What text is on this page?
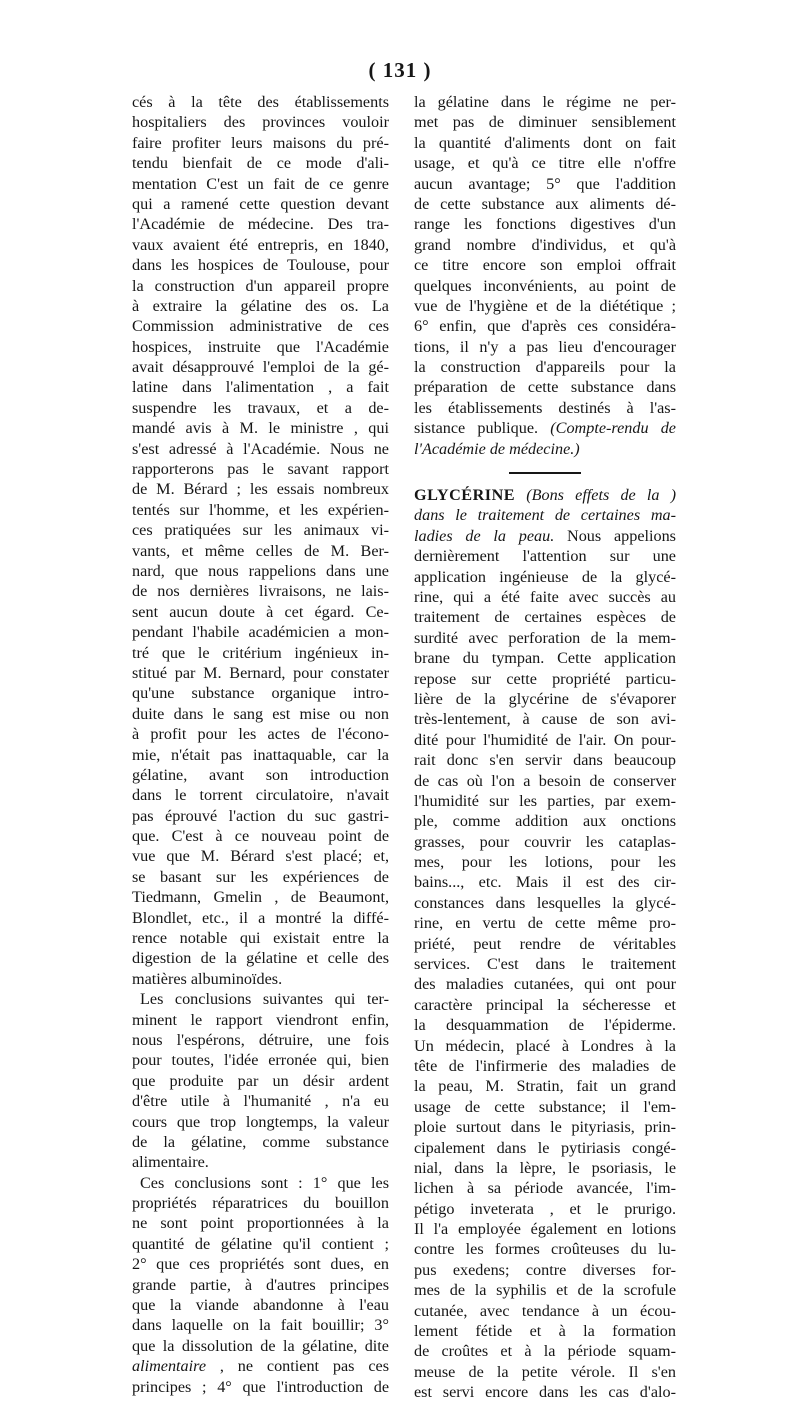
( 131 )
cés à la tête des établissements
hospitaliers des provinces vouloir
faire profiter leurs maisons du pré-
tendu bienfait de ce mode d'ali-
mentation C'est un fait de ce genre
qui a ramené cette question devant
l'Académie de médecine. Des tra-
vaux avaient été entrepris, en 1840,
dans les hospices de Toulouse, pour
la construction d'un appareil propre
à extraire la gélatine des os. La
Commission administrative de ces
hospices, instruite que l'Académie
avait désapprouvé l'emploi de la gé-
latine dans l'alimentation , a fait
suspendre les travaux, et a de-
mandé avis à M. le ministre , qui
s'est adressé à l'Académie. Nous ne
rapporterons pas le savant rapport
de M. Bérard ; les essais nombreux
tentés sur l'homme, et les expérien-
ces pratiquées sur les animaux vi-
vants, et même celles de M. Ber-
nard, que nous rappelions dans une
de nos dernières livraisons, ne lais-
sent aucun doute à cet égard. Ce-
pendant l'habile académicien a mon-
tré que le critérium ingénieux in-
stitué par M. Bernard, pour constater
qu'une substance organique intro-
duite dans le sang est mise ou non
à profit pour les actes de l'écono-
mie, n'était pas inattaquable, car la
gélatine, avant son introduction
dans le torrent circulatoire, n'avait
pas éprouvé l'action du suc gastri-
que. C'est à ce nouveau point de
vue que M. Bérard s'est placé; et,
se basant sur les expériences de
Tiedmann, Gmelin , de Beaumont,
Blondlet, etc., il a montré la diffé-
rence notable qui existait entre la
digestion de la gélatine et celle des
matières albuminoïdes.
Les conclusions suivantes qui ter-
minent le rapport viendront enfin,
nous l'espérons, détruire, une fois
pour toutes, l'idée erronée qui, bien
que produite par un désir ardent
d'être utile à l'humanité , n'a eu
cours que trop longtemps, la valeur
de la gélatine, comme substance
alimentaire.
Ces conclusions sont : 1° que les
propriétés réparatrices du bouillon
ne sont point proportionnées à la
quantité de gélatine qu'il contient ;
2° que ces propriétés sont dues, en
grande partie, à d'autres principes
que la viande abandonne à l'eau
dans laquelle on la fait bouillir; 3°
que la dissolution de la gélatine, dite
alimentaire , ne contient pas ces
principes ; 4° que l'introduction de
la gélatine dans le régime ne per-
met pas de diminuer sensiblement
la quantité d'aliments dont on fait
usage, et qu'à ce titre elle n'offre
aucun avantage; 5° que l'addition
de cette substance aux aliments dé-
range les fonctions digestives d'un
grand nombre d'individus, et qu'à
ce titre encore son emploi offrait
quelques inconvénients, au point de
vue de l'hygiène et de la diététique ;
6° enfin, que d'après ces considéra-
tions, il n'y a pas lieu d'encourager
la construction d'appareils pour la
préparation de cette substance dans
les établissements destinés à l'as-
sistance publique. (Compte-rendu de
l'Académie de médecine.)
GLYCÉRINE (Bons effets de la )
dans le traitement de certaines ma-
ladies de la peau. Nous appelions
dernièrement l'attention sur une
application ingénieuse de la glycé-
rine, qui a été faite avec succès au
traitement de certaines espèces de
surdité avec perforation de la mem-
brane du tympan. Cette application
repose sur cette propriété particu-
lière de la glycérine de s'évaporer
très-lentement, à cause de son avi-
dité pour l'humidité de l'air. On pour-
rait donc s'en servir dans beaucoup
de cas où l'on a besoin de conserver
l'humidité sur les parties, par exem-
ple, comme addition aux onctions
grasses, pour couvrir les cataplas-
mes, pour les lotions, pour les
bains..., etc. Mais il est des cir-
constances dans lesquelles la glycé-
rine, en vertu de cette même pro-
priété, peut rendre de véritables
services. C'est dans le traitement
des maladies cutanées, qui ont pour
caractère principal la sécheresse et
la desquammation de l'épiderme.
Un médecin, placé à Londres à la
tête de l'infirmerie des maladies de
la peau, M. Stratin, fait un grand
usage de cette substance; il l'em-
ploie surtout dans le pityriasis, prin-
cipalement dans le pytiriasis congé-
nial, dans la lèpre, le psoriasis, le
lichen à sa période avancée, l'im-
pétigo inveterata , et le prurigo.
Il l'a employée également en lotions
contre les formes croûteuses du lu-
pus exedens; contre diverses for-
mes de la syphilis et de la scrofule
cutanée, avec tendance à un écou-
lement fétide et à la formation
de croûtes et à la période squam-
meuse de la petite vérole. Il s'en
est servi encore dans les cas d'alo-
